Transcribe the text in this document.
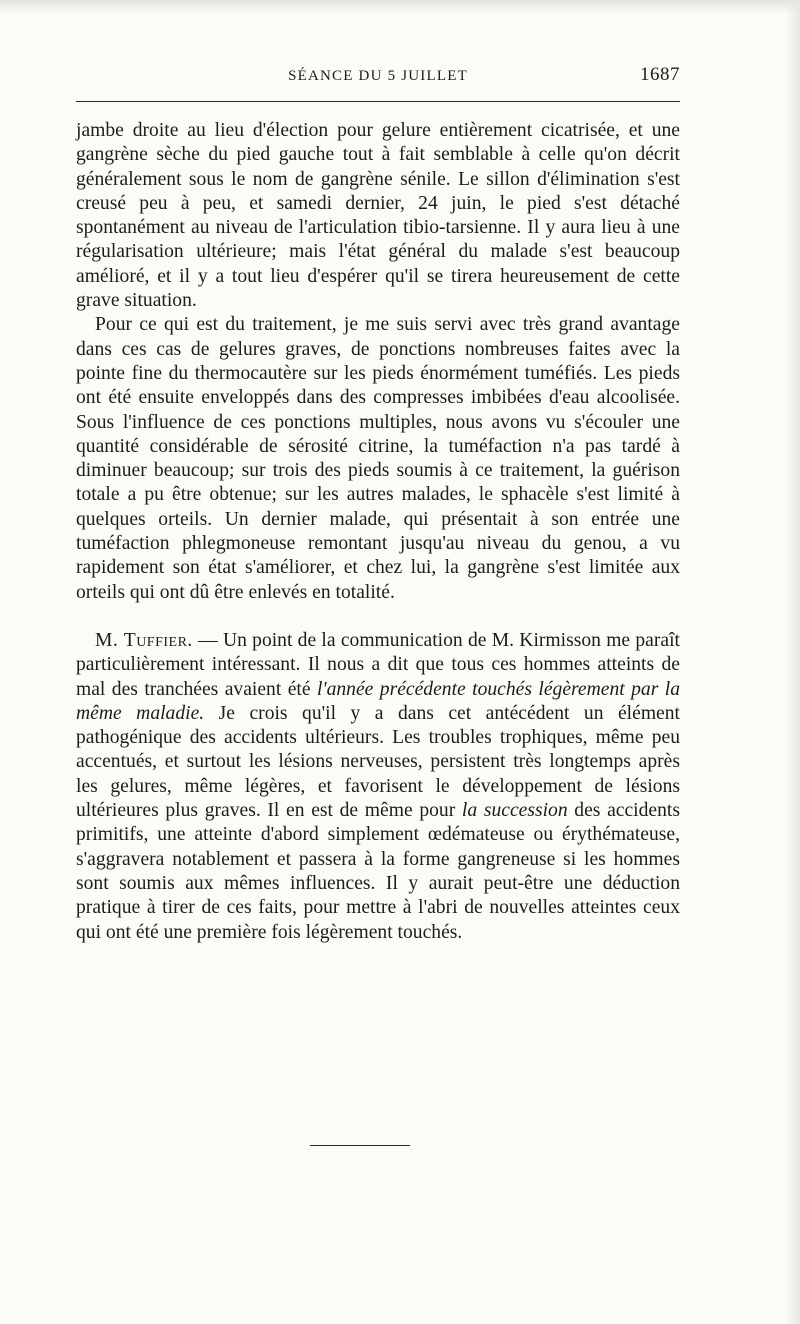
SÉANCE DU 5 JUILLET	1687

jambe droite au lieu d'élection pour gelure entièrement cicatrisée, et une gangrène sèche du pied gauche tout à fait semblable à celle qu'on décrit généralement sous le nom de gangrène sénile. Le sillon d'élimination s'est creusé peu à peu, et samedi dernier, 24 juin, le pied s'est détaché spontanément au niveau de l'articulation tibio-tarsienne. Il y aura lieu à une régularisation ultérieure; mais l'état général du malade s'est beaucoup amélioré, et il y a tout lieu d'espérer qu'il se tirera heureusement de cette grave situation.

Pour ce qui est du traitement, je me suis servi avec très grand avantage dans ces cas de gelures graves, de ponctions nombreuses faites avec la pointe fine du thermocautère sur les pieds énormément tuméfiés. Les pieds ont été ensuite enveloppés dans des compresses imbibées d'eau alcoolisée. Sous l'influence de ces ponctions multiples, nous avons vu s'écouler une quantité considérable de sérosité citrine, la tuméfaction n'a pas tardé à diminuer beaucoup; sur trois des pieds soumis à ce traitement, la guérison totale a pu être obtenue; sur les autres malades, le sphacèle s'est limité à quelques orteils. Un dernier malade, qui présentait à son entrée une tuméfaction phlegmoneuse remontant jusqu'au niveau du genou, a vu rapidement son état s'améliorer, et chez lui, la gangrène s'est limitée aux orteils qui ont dû être enlevés en totalité.

M. Tuffier. — Un point de la communication de M. Kirmisson me paraît particulièrement intéressant. Il nous a dit que tous ces hommes atteints de mal des tranchées avaient été l'année précédente touchés légèrement par la même maladie. Je crois qu'il y a dans cet antécédent un élément pathogénique des accidents ultérieurs. Les troubles trophiques, même peu accentués, et surtout les lésions nerveuses, persistent très longtemps après les gelures, même légères, et favorisent le développement de lésions ultérieures plus graves. Il en est de même pour la succession des accidents primitifs, une atteinte d'abord simplement œdémateuse ou érythémateuse, s'aggravera notablement et passera à la forme gangreneuse si les hommes sont soumis aux mêmes influences. Il y aurait peut-être une déduction pratique à tirer de ces faits, pour mettre à l'abri de nouvelles atteintes ceux qui ont été une première fois légèrement touchés.
